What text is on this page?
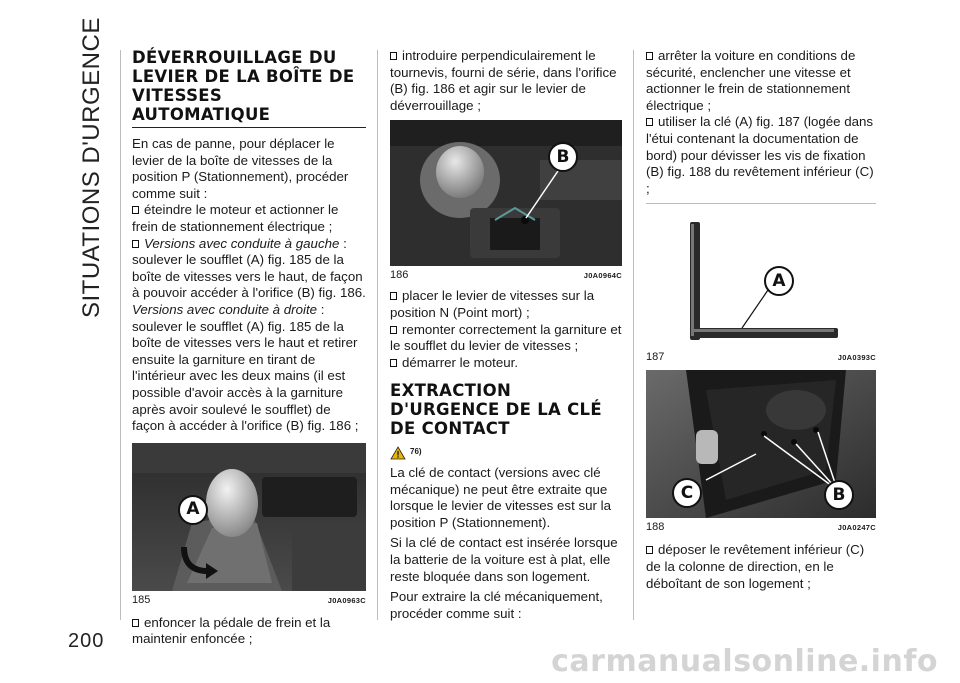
SITUATIONS D'URGENCE
200
DÉVERROUILLAGE DU LEVIER DE LA BOÎTE DE VITESSES AUTOMATIQUE

En cas de panne, pour déplacer le levier de la boîte de vitesses de la position P (Stationnement), procéder comme suit :

éteindre le moteur et actionner le frein de stationnement électrique ;

Versions avec conduite à gauche : soulever le soufflet (A) fig. 185 de la boîte de vitesses vers le haut, de façon à pouvoir accéder à l'orifice (B) fig. 186.

Versions avec conduite à droite : soulever le soufflet (A) fig. 185 de la boîte de vitesses vers le haut et retirer ensuite la garniture en tirant de l'intérieur avec les deux mains (il est possible d'avoir accès à la garniture après avoir soulevé le soufflet) de façon à accéder à l'orifice (B) fig. 186 ;

A
185	J0A0963C

enfoncer la pédale de frein et la maintenir enfoncée ;

introduire perpendiculairement le tournevis, fourni de série, dans l'orifice (B) fig. 186 et agir sur le levier de déverrouillage ;

B
186	J0A0964C

placer le levier de vitesses sur la position N (Point mort) ;

remonter correctement la garniture et le soufflet du levier de vitesses ;

démarrer le moteur.

EXTRACTION D'URGENCE DE LA CLÉ DE CONTACT
76)

La clé de contact (versions avec clé mécanique) ne peut être extraite que lorsque le levier de vitesses est sur la position P (Stationnement).

Si la clé de contact est insérée lorsque la batterie de la voiture est à plat, elle reste bloquée dans son logement.

Pour extraire la clé mécaniquement, procéder comme suit :

arrêter la voiture en conditions de sécurité, enclencher une vitesse et actionner le frein de stationnement électrique ;

utiliser la clé (A) fig. 187 (logée dans l'étui contenant la documentation de bord) pour dévisser les vis de fixation (B) fig. 188 du revêtement inférieur (C) ;

A
187	J0A0393C
C	B
188	J0A0247C

déposer le revêtement inférieur (C) de la colonne de direction, en le déboîtant de son logement ;

carmanualsonline.info
